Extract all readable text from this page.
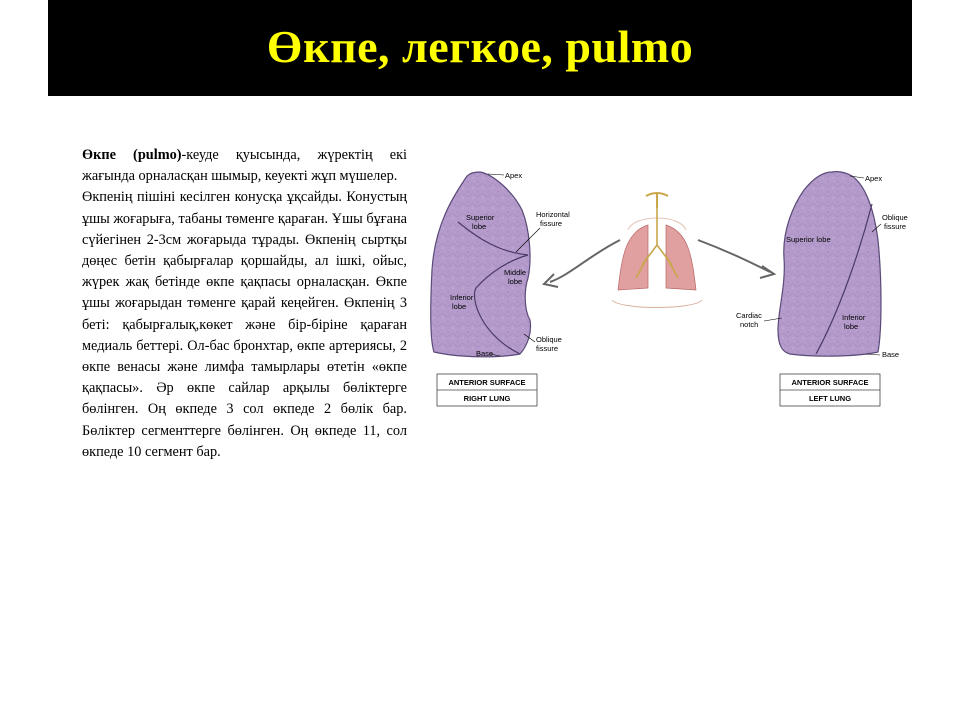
Өкпе, легкое, pulmo

Өкпе (pulmo)-кеуде қуысында, жүректің екі жағында орналасқан шымыр, кеуекті жұп мүшелер.

Өкпенің пішіні кесілген конусқа ұқсайды. Конустың ұшы жоғарыға, табаны төменге қараған. Ұшы бұғана сүйегінен 2-3см жоғарыда тұрады. Өкпенің сыртқы дөңес бетін қабырғалар қоршайды, ал ішкі, ойыс, жүрек жақ бетінде өкпе қақпасы орналасқан. Өкпе ұшы жоғарыдан төменге қарай кеңейген. Өкпенің 3 беті: қабырғалық,көкет және бір-біріне қараған медиаль беттері. Ол-бас бронхтар, өкпе артериясы, 2 өкпе венасы және лимфа тамырлары өтетін «өкпе қақпасы». Әр өкпе сайлар арқылы бөліктерге бөлінген. Оң өкпеде 3 сол өкпеде 2 бөлік бар. Бөліктер сегменттерге бөлінген. Оң өкпеде 11, сол өкпеде 10 сегмент бар.

Apex
Superior
lobe
Horizontal
fissure
Middle
lobe
Inferior
lobe
Oblique
fissure
Base
ANTERIOR SURFACE
RIGHT LUNG
Apex
Oblique
fissure
Superior lobe
Cardiac
notch
Inferior
lobe
Base
ANTERIOR SURFACE
LEFT LUNG
